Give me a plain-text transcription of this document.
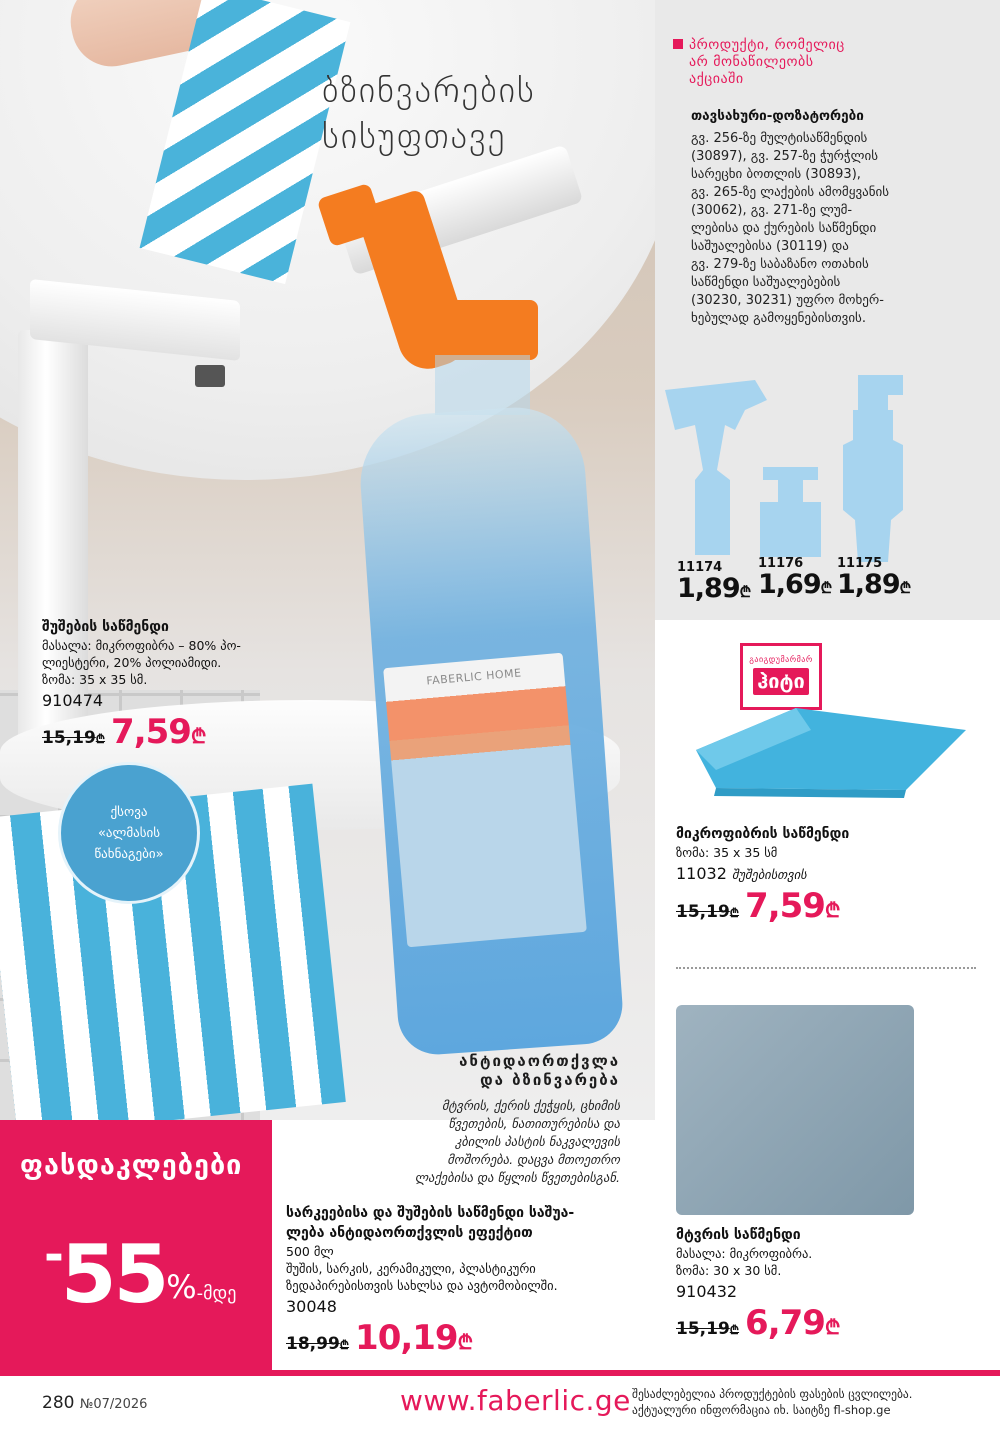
FABERLIC HOME
ბზინვარების
სისუფთავე
ქსოვა
«ალმასის
წახნაგები»
შუშების საწმენდი
მასალა: მიკროფიბრა – 80% პო-
ლიესტერი, 20% პოლიამიდი.
ზომა: 35 x 35 სმ.
910474
15,19₾ 7,59₾
პროდუქტი, რომელიც
არ მონაწილეობს
აქციაში
თავსახური-დოზატორები
გვ. 256-ზე მულტისაწმენდის
(30897), გვ. 257-ზე ჭურჭლის
სარეცხი ბოთლის (30893),
გვ. 265-ზე ლაქების ამომყვანის
(30062), გვ. 271-ზე ლუმ-
ლებისა და ქურების საწმენდი
საშუალებისა (30119) და
გვ. 279-ზე საბაზანო ოთახის
საწმენდი საშუალებების
(30230, 30231) უფრო მოხერ-
ხებულად გამოყენებისთვის.
11174	11176	11175
1,89₾ 1,69₾ 1,89₾
გაიგდუმარმარ
ჰიტი
მიკროფიბრის საწმენდი
ზომა: 35 x 35 სმ
11032 შუშებისთვის
15,19₾ 7,59₾
მტვრის საწმენდი
მასალა: მიკროფიბრა.
ზომა: 30 x 30 სმ.
910432
15,19₾ 6,79₾
ანტიდაორთქვლა
და ბზინვარება
მტვრის, ქერის ქეჭყის, ცხიმის
წვეთების, ნათითურებისა და
კბილის პასტის ნაკვალევის
მოშორება. დაცვა მთოეთრო
ლაქებისა და წყლის წვეთებისგან.
ფასდაკლებები
- 55 % -მდე
სარკეებისა და შუშების საწმენდი საშუა-
ლება ანტიდაორთქვლის ეფექტით
500 მლ
შუშის, სარკის, კერამიკული, პლასტიკური
ზედაპირებისთვის სახლსა და ავტომობილში.
30048
18,99₾ 10,19₾
280 №07/2026	www.faberlic.ge შესაძლებელია პროდუქტების ფასების ცვლილება.
აქტუალური ინფორმაცია იხ. საიტზე fl-shop.ge
